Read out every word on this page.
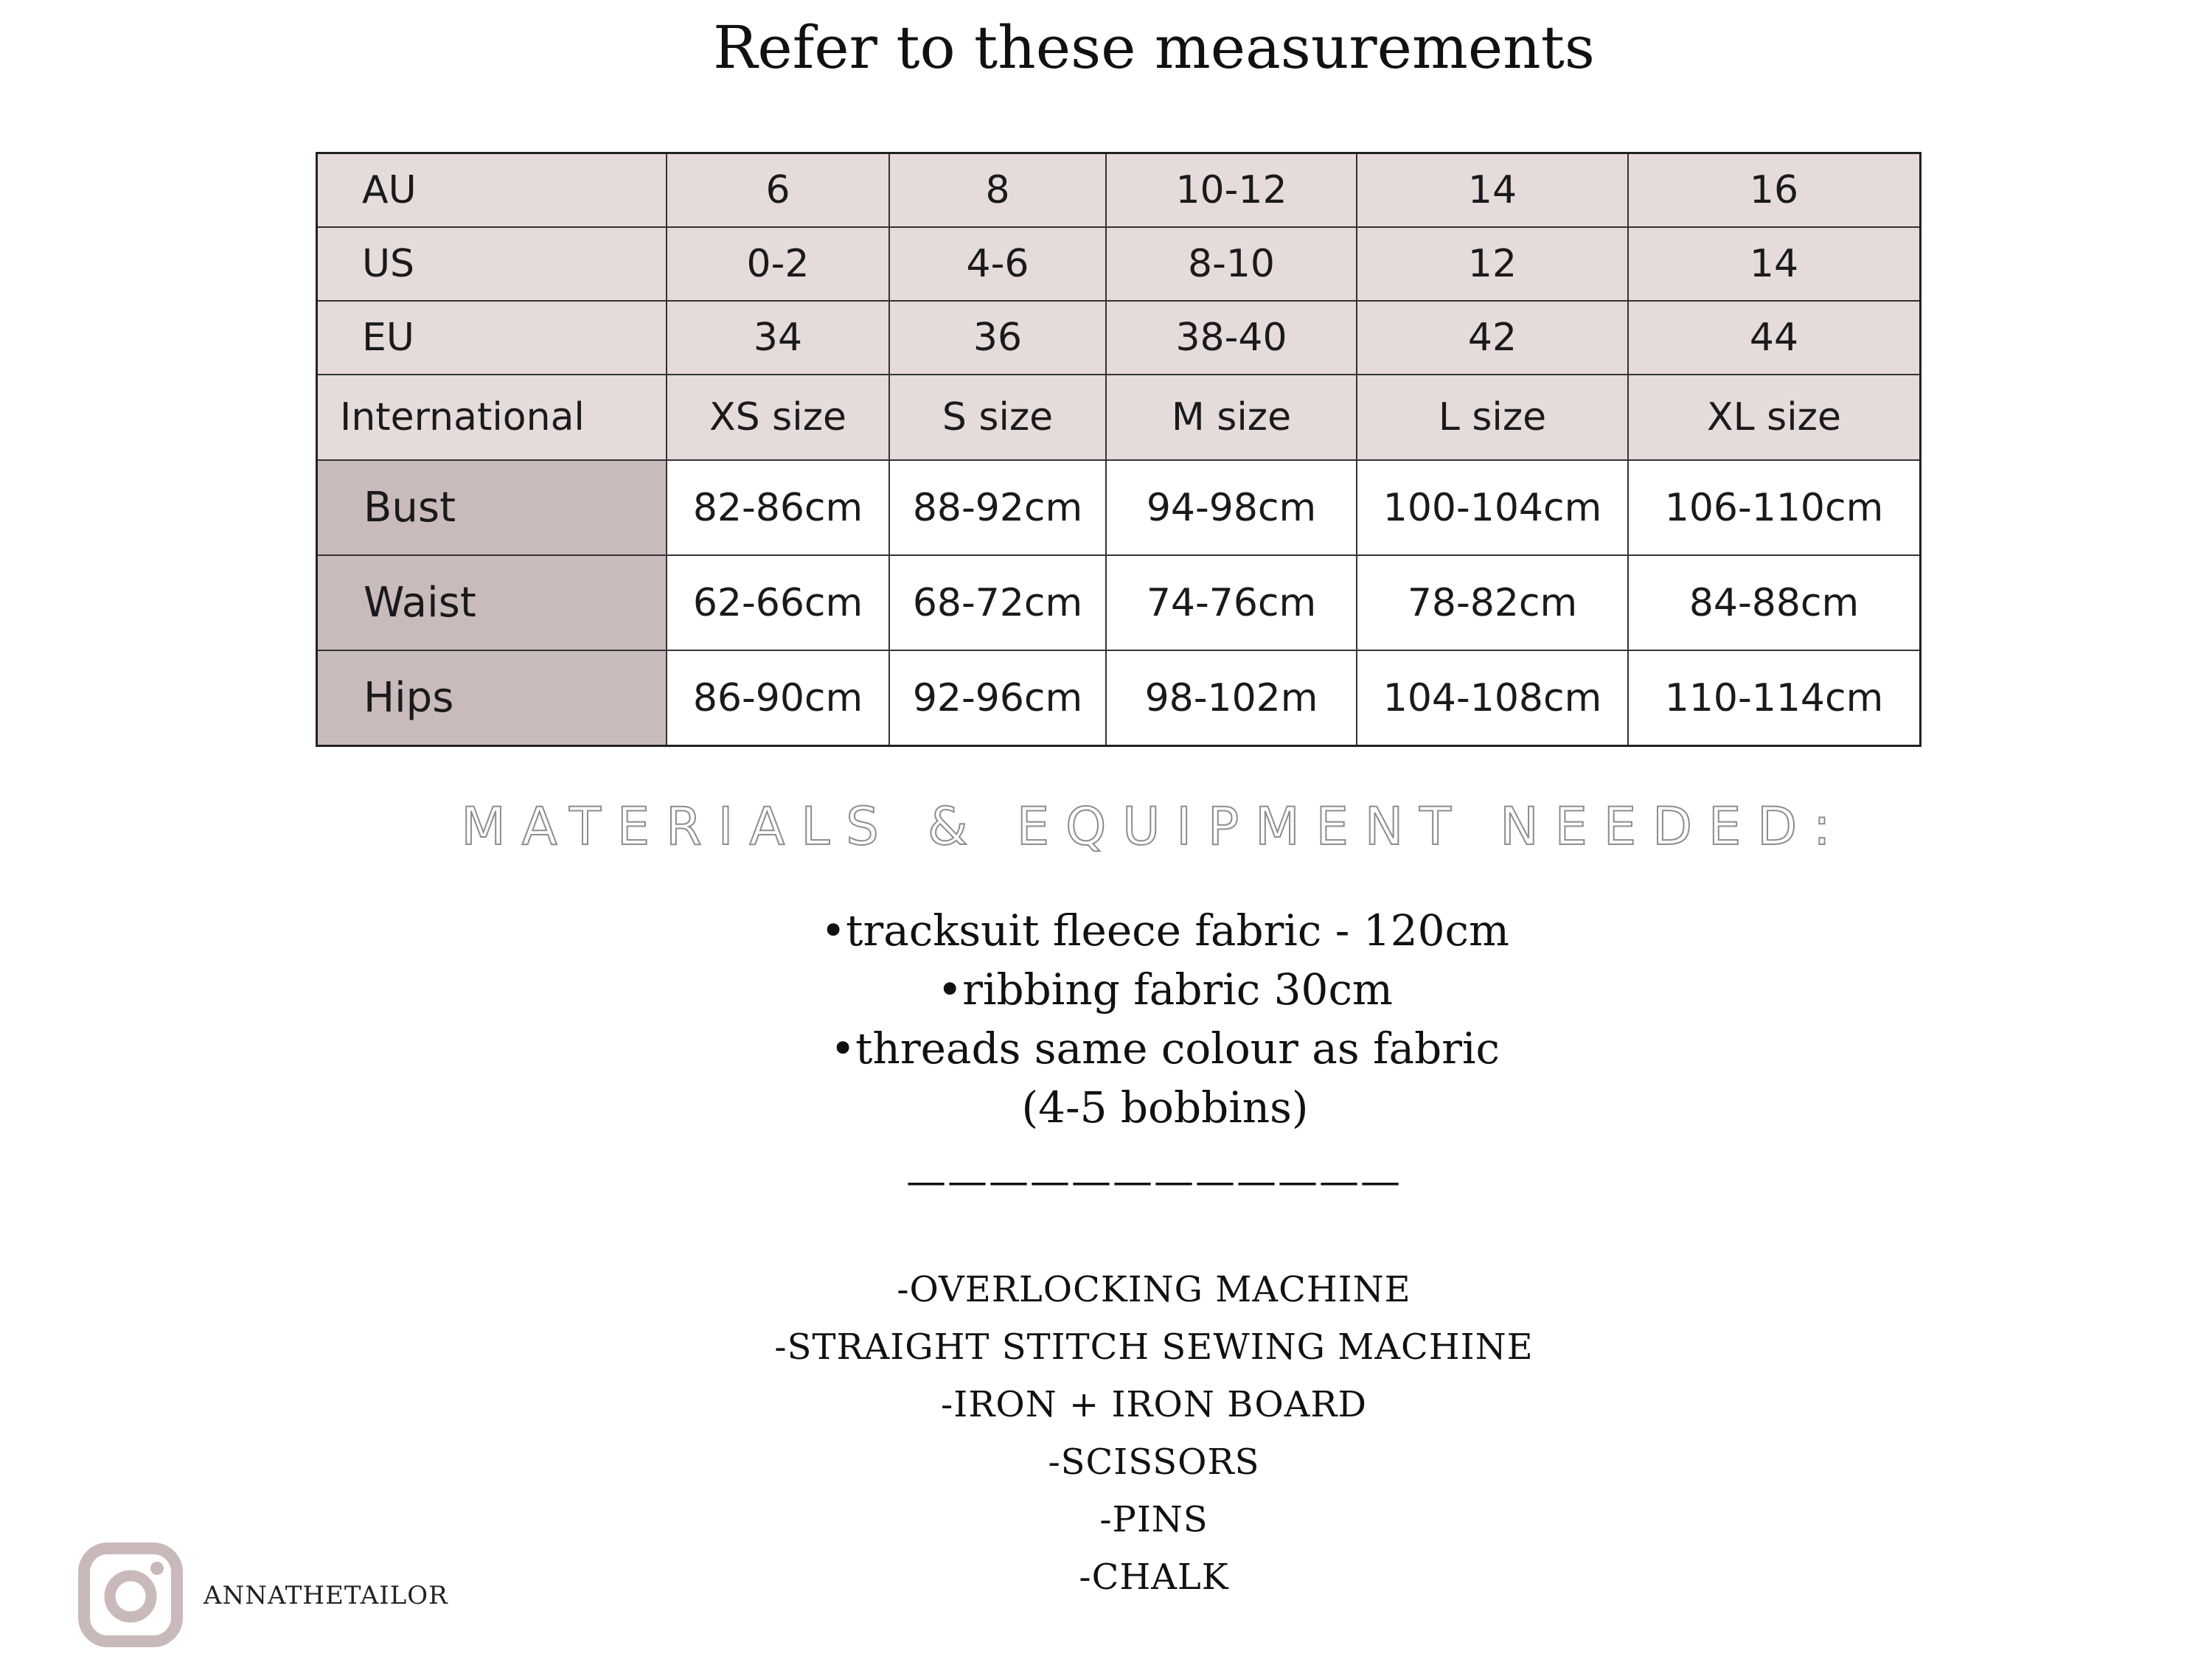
Refer to these measurements
AU	6	8	10-12	14	16
US	0-2	4-6	8-10	12	14
EU	34	36	38-40	42	44
International	XS size	S size	M size	L size	XL size
Bust	82-86cm	88-92cm	94-98cm	100-104cm	106-110cm
Waist	62-66cm	68-72cm	74-76cm	78-82cm	84-88cm
Hips	86-90cm	92-96cm	98-102m	104-108cm	110-114cm
MATERIALS & EQUIPMENT NEEDED:
•tracksuit fleece fabric - 120cm
•ribbing fabric 30cm
•threads same colour as fabric
(4-5 bobbins)
————————————
-OVERLOCKING MACHINE
-STRAIGHT STITCH SEWING MACHINE
-IRON + IRON BOARD
-SCISSORS
-PINS
-CHALK
ANNATHETAILOR
